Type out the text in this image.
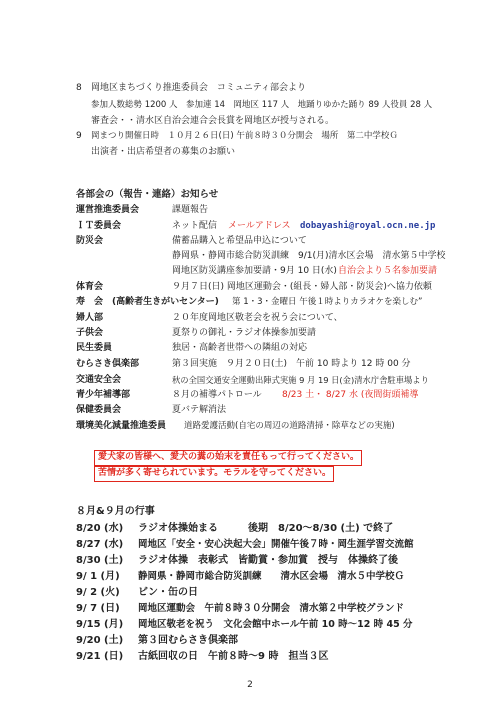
8 岡地区まちづくり推進委員会　コミュニティ部会より
参加人数総勢 1200 人　参加連 14　岡地区 117 人　地踊りゆかた踊り 89 人役員 28 人
審査会・・清水区自治会連合会長賞を岡地区が授与される。
9 岡まつり開催日時　１０月２６日(日) 午前８時３０分開会　場所　第二中学校Ｇ
出演者・出店希望者の募集のお願い
各部会の（報告・連絡）お知らせ
運営推進委員会	課題報告
ＩＴ委員会	ネット配信 メールアドレス dobayashi@royal.ocn.ne.jp
防災会	備蓄品購入と希望品申込について
静岡県・静岡市総合防災訓練　9/1(月)清水区会場　清水第５中学校
岡地区防災講座参加要請・9月 10 日(水) 自治会より５名参加要請
体育会	９月７日(日) 岡地区運動会・(組長・婦人部・防災会)へ協力依頼
寿　会　(高齢者生きがいセンター) 第 1・3・金曜日 午後１時よりカラオケを楽しむ”
婦人部	２０年度岡地区敬老会を祝う会について、
子供会	夏祭りの御礼・ラジオ体操参加要請
民生委員	独居・高齢者世帯への隣組の対応
むらさき倶楽部	第３回実施　９月２０日(土)　午前 10 時より 12 時 00 分
交通安全会	秋の全国交通安全運動出陣式実施 9 月 19 日(金)清水庁舎駐車場より
青少年補導部	８月の補導パトロール 8/23 土・ 8/27 水 (夜間街頭補導
保健委員会	夏バテ解消法
環境美化減量推進委員 道路愛護活動(自宅の周辺の道路清掃・除草などの実施)
愛犬家の皆様へ、愛犬の糞の始末を責任もって行ってください。
苦情が多く寄せられています。モラルを守ってください。
８月&９月の行事
8/20 (水) ラジオ体操始まる　　　後期　8/20～8/30 (土) で終了
8/27 (水) 岡地区「安全・安心決起大会」開催午後７時・岡生涯学習交流館
8/30 (土) ラジオ体操　表彰式　皆勤賞・参加賞　授与　体操終了後
9/ 1 (月) 静岡県・静岡市総合防災訓練　　清水区会場　清水５中学校Ｇ
9/ 2 (火) ビン・缶の日
9/ 7 (日) 岡地区運動会　午前８時３０分開会　清水第２中学校グランド
9/15 (月) 岡地区敬老を祝う　文化会館中ホール午前 10 時～12 時 45 分
9/20 (土) 第３回むらさき倶楽部
9/21 (日) 古紙回収の日　午前８時～9 時　担当３区
2
